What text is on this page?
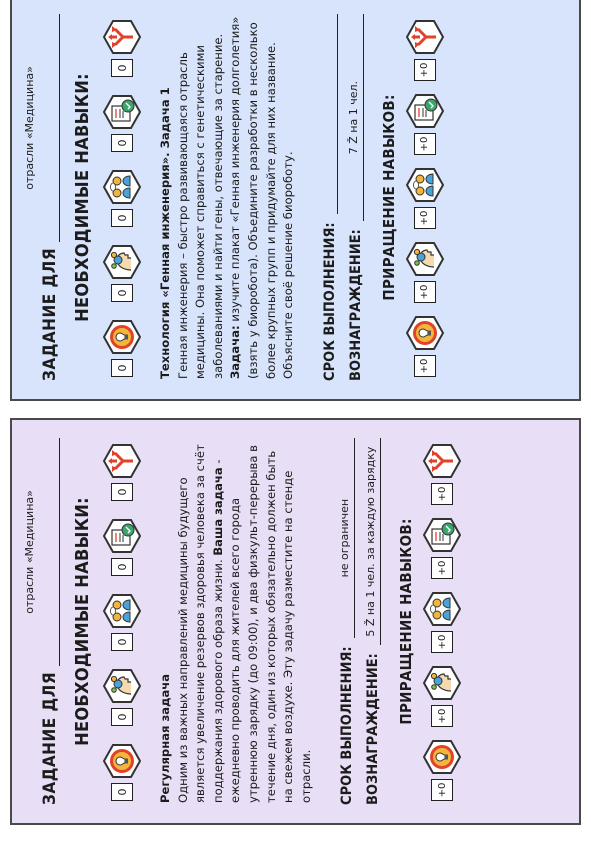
ЗАДАНИЕ ДЛЯ
отрасли «Медицина» НЕОБХОДИМЫЕ НАВЫКИ:
0
0
0
0
0
Технология «Генная инженерия». Задача 1 Генная инженерия – быстро развивающаяся отрасль медицины. Она поможет справиться с генетическими заболеваниями и найти гены, отвечающие за старение. Задача: изучите плакат «Генная инженерия долголетия» (взять у биоробота). Объедините разработки в несколько более крупных групп и придумайте для них название. Объясните своё решение биороботу. СРОК ВЫПОЛНЕНИЯ: ВОЗНАГРАЖДЕНИЕ:
7 Ž на 1 чел. ПРИРАЩЕНИЕ НАВЫКОВ:
+0
+0
+0
+0
+0
ЗАДАНИЕ ДЛЯ
отрасли «Медицина» НЕОБХОДИМЫЕ НАВЫКИ:
0
0
0
0
0
Регулярная задача Одним из важных направлений медицины будущего является увеличение резервов здоровья человека за счёт поддержания здорового образа жизни. Ваша задача - ежедневно проводить для жителей всего города утреннюю зарядку (до 09:00), и два физкульт-перерыва в течение дня, один из которых обязательно должен быть на свежем воздухе. Эту задачу разместите на стенде отрасли. СРОК ВЫПОЛНЕНИЯ:
не ограничен
ВОЗНАГРАЖДЕНИЕ:
5 Ž на 1 чел. за каждую зарядку ПРИРАЩЕНИЕ НАВЫКОВ:
+0
+0
+0
+0
+0
